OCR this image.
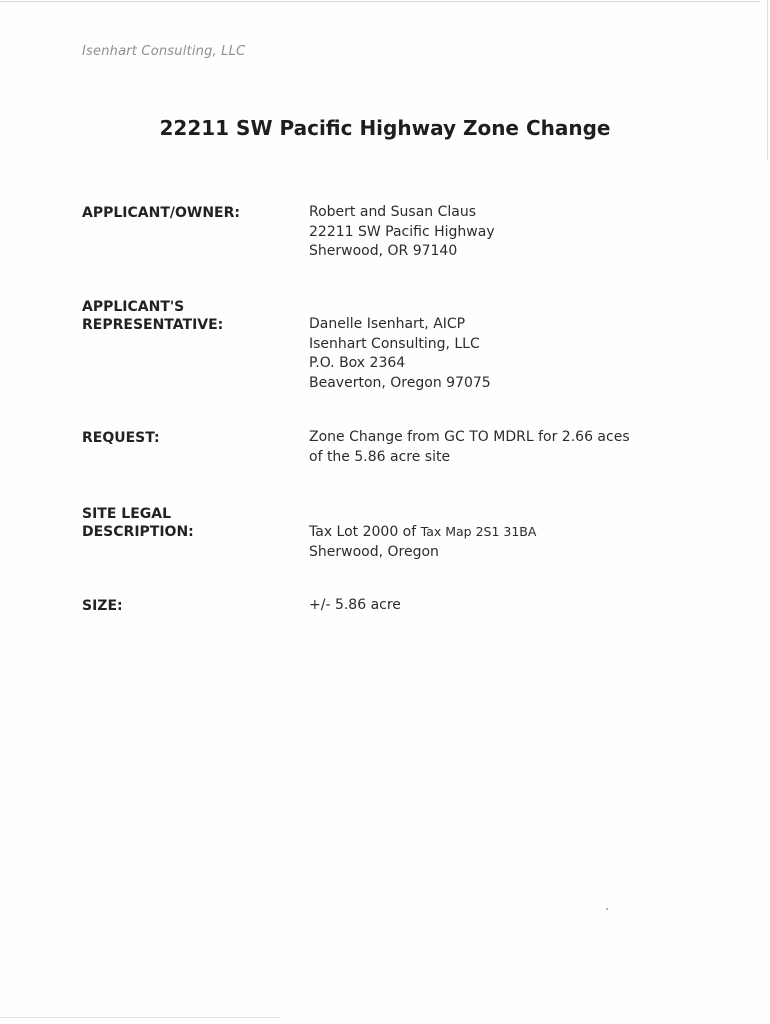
Isenhart Consulting, LLC
22211 SW Pacific Highway Zone Change
APPLICANT/OWNER:	Robert and Susan Claus
22211 SW Pacific Highway
Sherwood, OR 97140
APPLICANT'S
REPRESENTATIVE:	Danelle Isenhart, AICP
Isenhart Consulting, LLC
P.O. Box 2364
Beaverton, Oregon 97075
REQUEST:	Zone Change from GC TO MDRL for 2.66 aces
of the 5.86 acre site
SITE LEGAL
DESCRIPTION:	Tax Lot 2000 of Tax Map 2S1 31BA
Sherwood, Oregon
SIZE:	+/- 5.86 acre
